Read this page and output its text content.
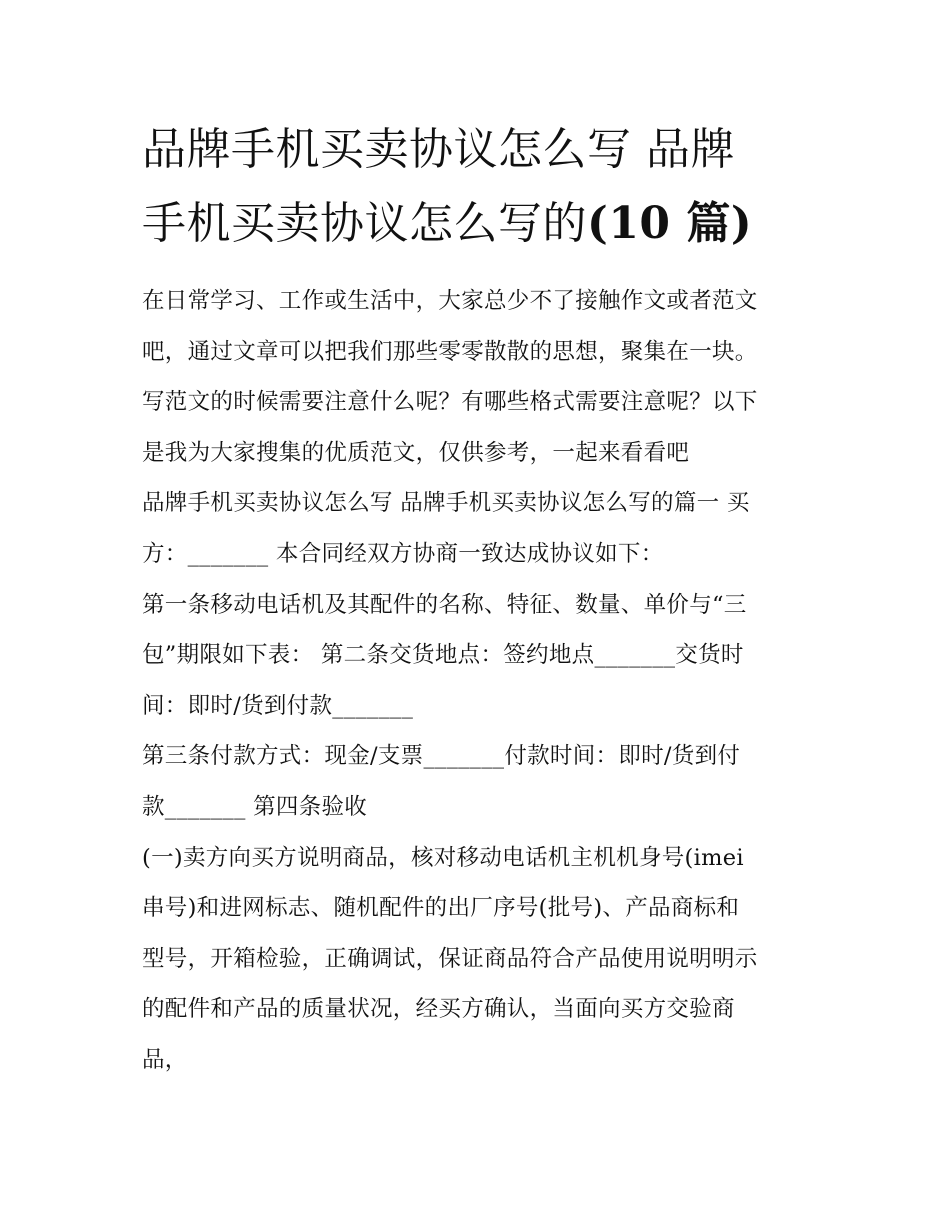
品牌手机买卖协议怎么写 品牌
手机买卖协议怎么写的(10 篇)
在日常学习、工作或生活中，大家总少不了接触作文或者范文
吧，通过文章可以把我们那些零零散散的思想，聚集在一块。
写范文的时候需要注意什么呢？有哪些格式需要注意呢？以下
是我为大家搜集的优质范文，仅供参考，一起来看看吧
品牌手机买卖协议怎么写 品牌手机买卖协议怎么写的篇一 买
方：_______ 本合同经双方协商一致达成协议如下：
第一条移动电话机及其配件的名称、特征、数量、单价与“三
包”期限如下表： 第二条交货地点：签约地点_______交货时
间：即时/货到付款_______
第三条付款方式：现金/支票_______付款时间：即时/货到付
款_______ 第四条验收
(一)卖方向买方说明商品，核对移动电话机主机机身号(imei
串号)和进网标志、随机配件的出厂序号(批号)、产品商标和
型号，开箱检验，正确调试，保证商品符合产品使用说明明示
的配件和产品的质量状况，经买方确认，当面向买方交验商
品，
